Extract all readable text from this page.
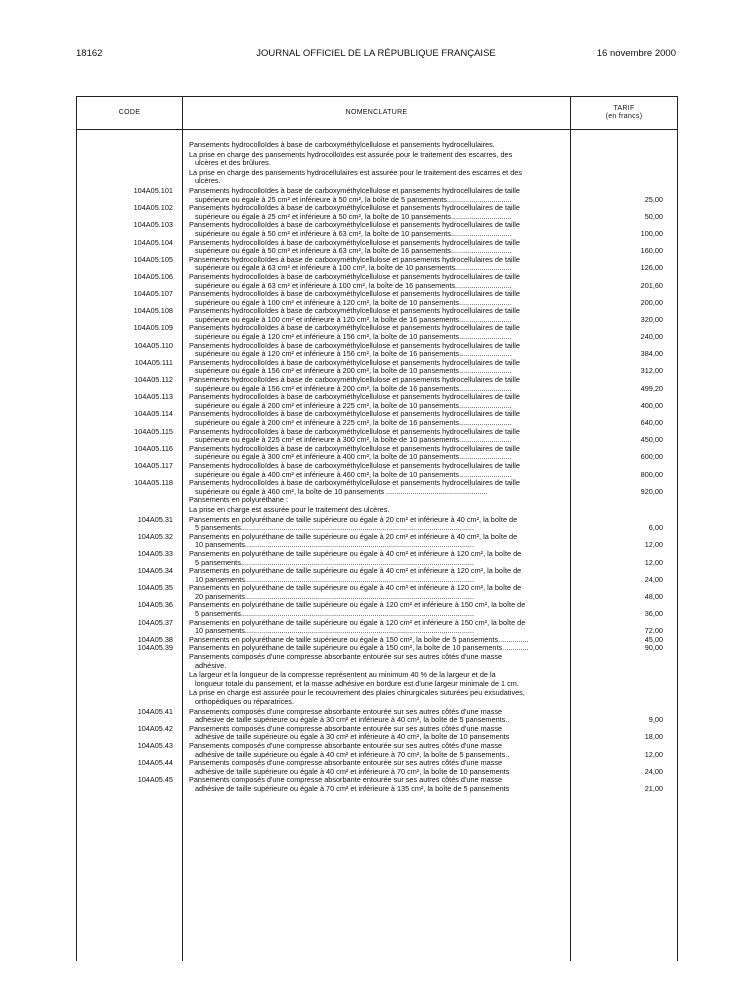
18162	JOURNAL OFFICIEL DE LA RÉPUBLIQUE FRANÇAISE	16 novembre 2000
CODE	NOMENCLATURE
TARIF
(en francs)
Pansements hydrocolloïdes à base de carboxyméthylcellulose et pansements hydrocellulaires.
La prise en charge des pansements hydrocolloïdes est assurée pour le traitement des escarres, des
ulcères et des brûlures.
La prise en charge des pansements hydrocellulaires est assurée pour le traitement des escarres et des
ulcères.
104A05.101 Pansements hydrocolloïdes à base de carboxyméthylcellulose et pansements hydrocellulaires de taille
supérieure ou égale à 25 cm² et inférieure à 50 cm², la boîte de 5 pansements................................	25,00
104A05.102 Pansements hydrocolloïdes à base de carboxyméthylcellulose et pansements hydrocellulaires de taille
supérieure ou égale à 25 cm² et inférieure à 50 cm², la boîte de 10 pansements..............................	50,00
104A05.103 Pansements hydrocolloïdes à base de carboxyméthylcellulose et pansements hydrocellulaires de taille
supérieure ou égale à 50 cm² et inférieure à 63 cm², la boîte de 10 pansements..............................	100,00
104A05.104 Pansements hydrocolloïdes à base de carboxyméthylcellulose et pansements hydrocellulaires de taille
supérieure ou égale à 50 cm² et inférieure à 63 cm², la boîte de 16 pansements..............................	160,00
104A05.105 Pansements hydrocolloïdes à base de carboxyméthylcellulose et pansements hydrocellulaires de taille
supérieure ou égale à 63 cm² et inférieure à 100 cm², la boîte de 10 pansements............................	126,00
104A05.106 Pansements hydrocolloïdes à base de carboxyméthylcellulose et pansements hydrocellulaires de taille
supérieure ou égale à 63 cm² et inférieure à 100 cm², la boîte de 16 pansements............................	201,60
104A05.107 Pansements hydrocolloïdes à base de carboxyméthylcellulose et pansements hydrocellulaires de taille
supérieure ou égale à 100 cm² et inférieure à 120 cm², la boîte de 10 pansements..........................	200,00
104A05.108 Pansements hydrocolloïdes à base de carboxyméthylcellulose et pansements hydrocellulaires de taille
supérieure ou égale à 100 cm² et inférieure à 120 cm², la boîte de 16 pansements..........................	320,00
104A05.109 Pansements hydrocolloïdes à base de carboxyméthylcellulose et pansements hydrocellulaires de taille
supérieure ou égale à 120 cm² et inférieure à 156 cm², la boîte de 10 pansements..........................	240,00
104A05.110 Pansements hydrocolloïdes à base de carboxyméthylcellulose et pansements hydrocellulaires de taille
supérieure ou égale à 120 cm² et inférieure à 156 cm², la boîte de 16 pansements..........................	384,00
104A05.111 Pansements hydrocolloïdes à base de carboxyméthylcellulose et pansements hydrocellulaires de taille
supérieure ou égale à 156 cm² et inférieure à 200 cm², la boîte de 10 pansements..........................	312,00
104A05.112 Pansements hydrocolloïdes à base de carboxyméthylcellulose et pansements hydrocellulaires de taille
supérieure ou égale à 156 cm² et inférieure à 200 cm², la boîte de 16 pansements..........................	499,20
104A05.113 Pansements hydrocolloïdes à base de carboxyméthylcellulose et pansements hydrocellulaires de taille
supérieure ou égale à 200 cm² et inférieure à 225 cm², la boîte de 10 pansements..........................	400,00
104A05.114 Pansements hydrocolloïdes à base de carboxyméthylcellulose et pansements hydrocellulaires de taille
supérieure ou égale à 200 cm² et inférieure à 225 cm², la boîte de 16 pansements..........................	640,00
104A05.115 Pansements hydrocolloïdes à base de carboxyméthylcellulose et pansements hydrocellulaires de taille
supérieure ou égale à 225 cm² et inférieure à 300 cm², la boîte de 10 pansements..........................	450,00
104A05.116 Pansements hydrocolloïdes à base de carboxyméthylcellulose et pansements hydrocellulaires de taille
supérieure ou égale à 300 cm² et inférieure à 400 cm², la boîte de 10 pansements..........................	600,00
104A05.117 Pansements hydrocolloïdes à base de carboxyméthylcellulose et pansements hydrocellulaires de taille
supérieure ou égale à 400 cm² et inférieure à 460 cm², la boîte de 10 pansements..........................	800,00
104A05.118 Pansements hydrocolloïdes à base de carboxyméthylcellulose et pansements hydrocellulaires de taille
supérieure ou égale à 460 cm², la boîte de 10 pansements ..................................................	920,00
Pansements en polyuréthane :
La prise en charge est assurée pour le traitement des ulcères.
104A05.31 Pansements en polyuréthane de taille supérieure ou égale à 20 cm² et inférieure à 40 cm², la boîte de
5 pansements...................................................................................................................	6,00
104A05.32 Pansements en polyuréthane de taille supérieure ou égale à 20 cm² et inférieure à 40 cm², la boîte de
10 pansements.................................................................................................................	12,00
104A05.33 Pansements en polyuréthane de taille supérieure ou égale à 40 cm² et inférieure à 120 cm², la boîte de
5 pansements...................................................................................................................	12,00
104A05.34 Pansements en polyuréthane de taille supérieure ou égale à 40 cm² et inférieure à 120 cm², la boîte de
10 pansements.................................................................................................................	24,00
104A05.35 Pansements en polyuréthane de taille supérieure ou égale à 40 cm² et inférieure à 120 cm², la boîte de
20 pansements.................................................................................................................	48,00
104A05.36 Pansements en polyuréthane de taille supérieure ou égale à 120 cm² et inférieure à 150 cm², la boîte de
5 pansements...................................................................................................................	36,00
104A05.37 Pansements en polyuréthane de taille supérieure ou égale à 120 cm² et inférieure à 150 cm², la boîte de
10 pansements.................................................................................................................	72,00
104A05.38 Pansements en polyuréthane de taille supérieure ou égale à 150 cm², la boîte de 5 pansements...............	45,00
104A05.39 Pansements en polyuréthane de taille supérieure ou égale à 150 cm², la boîte de 10 pansements.............	90,00
Pansements composés d'une compresse absorbante entourée sur ses autres côtés d'une masse
adhésive.
La largeur et la longueur de la compresse représentent au minimum 40 % de la largeur et de la
longueur totale du pansement, et la masse adhésive en bordure est d'une largeur minimale de 1 cm.
La prise en charge est assurée pour le recouvrement des plaies chirurgicales suturées peu exsudatives,
orthopédiques ou réparatrices.
104A05.41 Pansements composés d'une compresse absorbante entourée sur ses autres côtés d'une masse
adhésive de taille supérieure ou égale à 30 cm² et inférieure à 40 cm², la boîte de 5 pansements..	9,00
104A05.42 Pansements composés d'une compresse absorbante entourée sur ses autres côtés d'une masse
adhésive de taille supérieure ou égale à 30 cm² et inférieure à 40 cm², la boîte de 10 pansements	18,00
104A05.43 Pansements composés d'une compresse absorbante entourée sur ses autres côtés d'une masse
adhésive de taille supérieure ou égale à 40 cm² et inférieure à 70 cm², la boîte de 5 pansements..	12,00
104A05.44 Pansements composés d'une compresse absorbante entourée sur ses autres côtés d'une masse
adhésive de taille supérieure ou égale à 40 cm² et inférieure à 70 cm², la boîte de 10 pansements	24,00
104A05.45 Pansements composés d'une compresse absorbante entourée sur ses autres côtés d'une masse
adhésive de taille supérieure ou égale à 70 cm² et inférieure à 135 cm², la boîte de 5 pansements	21,00
